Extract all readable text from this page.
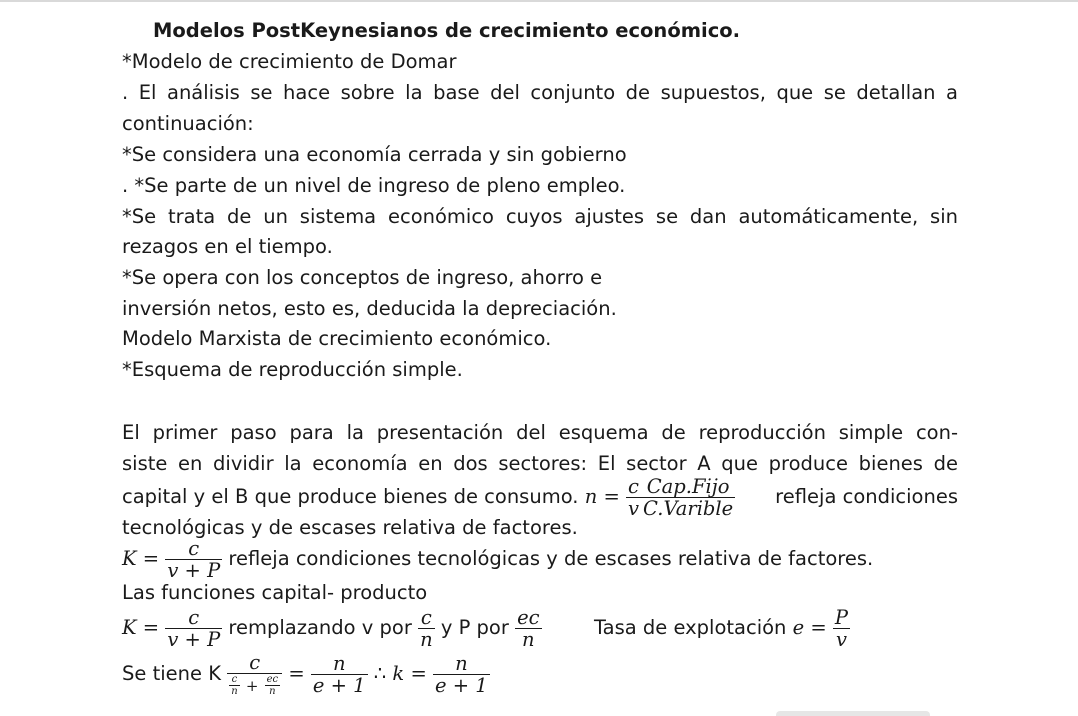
Modelos PostKeynesianos de crecimiento económico.
*Modelo de crecimiento de Domar
. El análisis se hace sobre la base del conjunto de supuestos, que se detallan a
continuación:
*Se considera una economía cerrada y sin gobierno
. *Se parte de un nivel de ingreso de pleno empleo.
*Se trata de un sistema económico cuyos ajustes se dan automáticamente, sin
rezagos en el tiempo.
*Se opera con los conceptos de ingreso, ahorro e
inversión netos, esto es, deducida la depreciación.
Modelo Marxista de crecimiento económico.
*Esquema de reproducción simple.
El primer paso para la presentación del esquema de reproducción simple con-
siste en dividir la economía en dos sectores: El sector A que produce bienes de
capital y el B que produce bienes de consumo. $n = \frac{c}{v} \frac{\text{Cap.Fijo}}{\text{C.Varible}}$ refleja condiciones
tecnológicas y de escases relativa de factores.
$K = \frac{c}{v + P}$ refleja condiciones tecnológicas y de escases relativa de factores.
Las funciones capital- producto
$K = \frac{c}{v + P}$ remplazando v por $\frac{c}{n}$ y P por $\frac{ec}{n}$	Tasa de explotación $e = \frac{P}{v}$
Se tiene K $\frac{c}{\frac{c}{n} + \frac{ec}{n}} = \frac{n}{e + 1}$ ∴ $k = \frac{n}{e + 1}$
